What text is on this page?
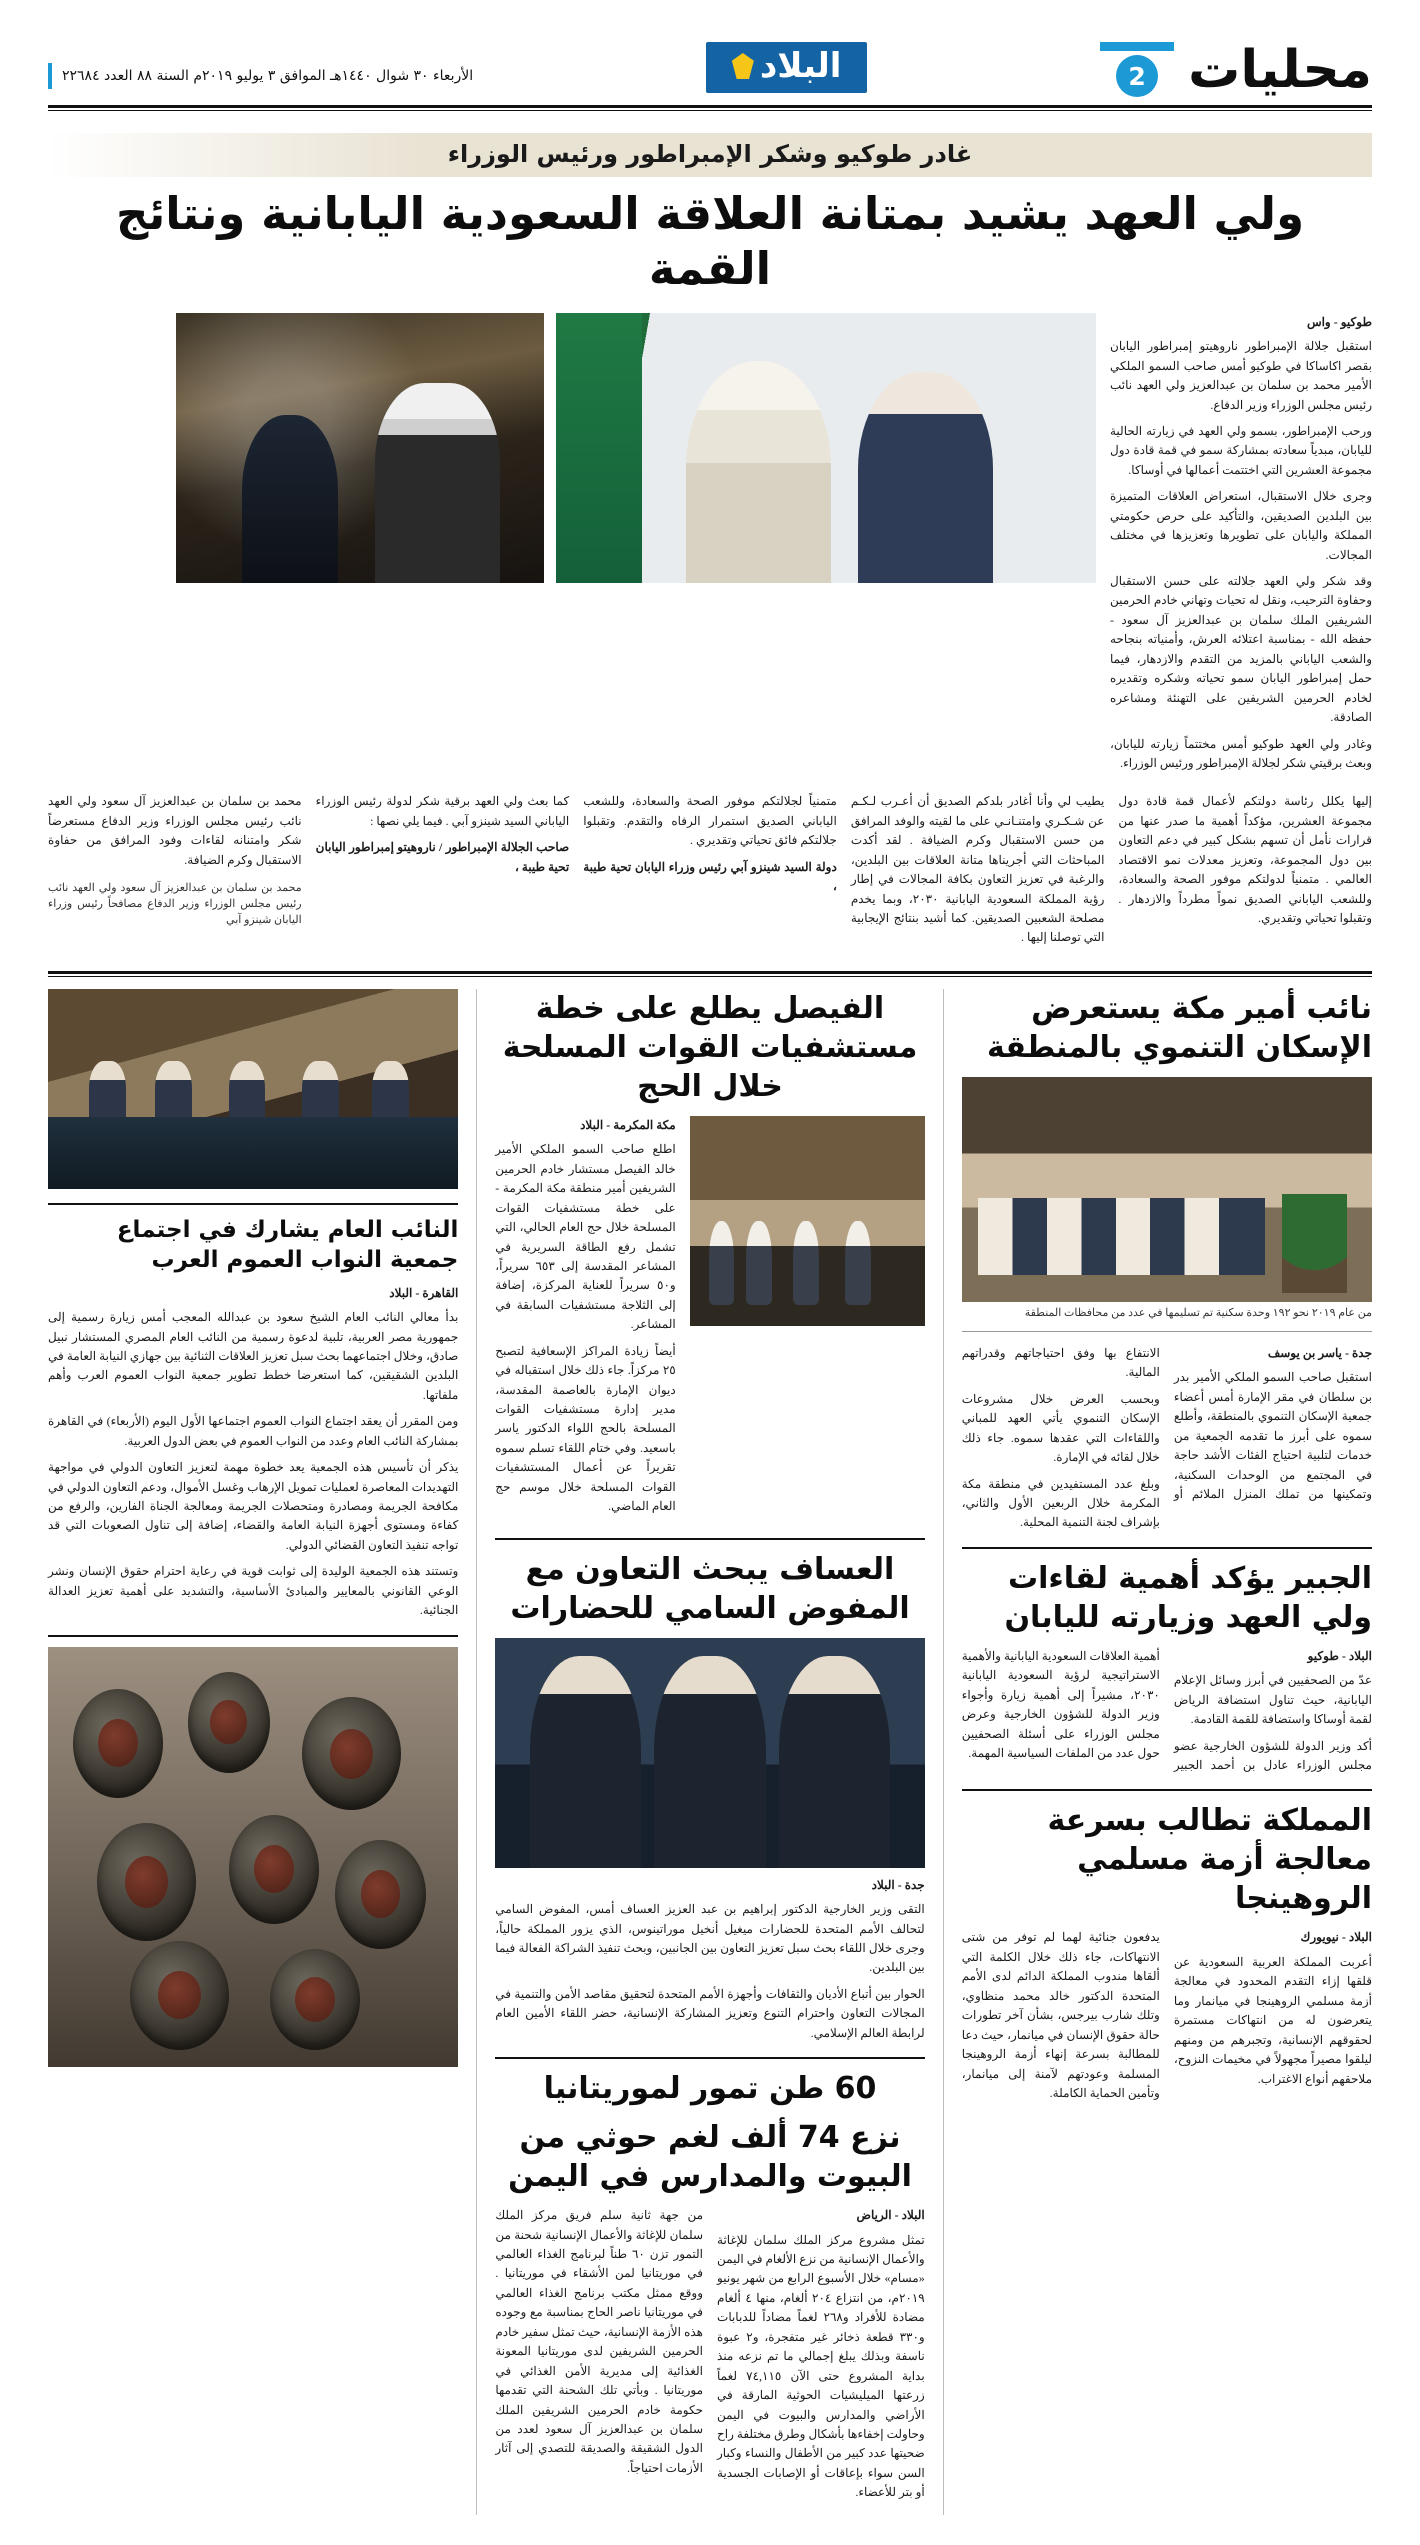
محليات
2
البلاد
الأربعاء ٣٠ شوال ١٤٤٠هـ الموافق ٣ يوليو ٢٠١٩م السنة ٨٨ العدد ٢٢٦٨٤
غادر طوكيو وشكر الإمبراطور ورئيس الوزراء
ولي العهد يشيد بمتانة العلاقة السعودية اليابانية ونتائج القمة
طوكيو - واس

استقبل جلالة الإمبراطور ناروهيتو إمبراطور اليابان بقصر اكاساكا في طوكيو أمس صاحب السمو الملكي الأمير محمد بن سلمان بن عبدالعزيز ولي العهد نائب رئيس مجلس الوزراء وزير الدفاع.

ورحب الإمبراطور، بسمو ولي العهد في زيارته الحالية لليابان، مبدياً سعادته بمشاركة سمو في قمة قادة دول مجموعة العشرين التي اختتمت أعمالها في أوساكا.

وجرى خلال الاستقبال، استعراض العلاقات المتميزة بين البلدين الصديقين، والتأكيد على حرص حكومتي المملكة واليابان على تطويرها وتعزيزها في مختلف المجالات.

وقد شكر ولي العهد جلالته على حسن الاستقبال وحفاوة الترحيب، ونقل له تحيات وتهاني خادم الحرمين الشريفين الملك سلمان بن عبدالعزيز آل سعود - حفظه الله - بمناسبة اعتلائه العرش، وأمنياته بنجاحه والشعب الياباني بالمزيد من التقدم والازدهار، فيما حمل إمبراطور اليابان سمو تحياته وشكره وتقديره لخادم الحرمين الشريفين على التهنئة ومشاعره الصادقة.

وغادر ولي العهد طوكيو أمس مختتماً زيارته لليابان، وبعث برقيتي شكر لجلالة الإمبراطور ورئيس الوزراء.

إليها يكلل رئاسة دولتكم لأعمال قمة قادة دول مجموعة العشرين، مؤكداً أهمية ما صدر عنها من قرارات نأمل أن تسهم بشكل كبير في دعم التعاون بين دول المجموعة، وتعزيز معدلات نمو الاقتصاد العالمي . متمنياً لدولتكم موفور الصحة والسعادة، وللشعب الياباني الصديق نمواً مطرداً والازدهار . وتقبلوا تحياتي وتقديري.

يطيب لي وأنا أغادر بلدكم الصديق أن أعـرب لـكـم عن شـكـري وامتنـانـي على ما لقيته والوفد المرافق من حسن الاستقبال وكرم الضيافة . لقد أكدت المباحثات التي أجريناها متانة العلاقات بين البلدين، والرغبة في تعزيز التعاون بكافة المجالات في إطار رؤية المملكة السعودية اليابانية ٢٠٣٠، وبما يخدم مصلحة الشعبين الصديقين. كما أشيد بنتائج الإيجابية التي توصلنا إليها .

متمنياً لجلالتكم موفور الصحة والسعادة، وللشعب الياباني الصديق استمرار الرفاه والتقدم. وتقبلوا جلالتكم فائق تحياتي وتقديري .

دولة السيد شينزو آبي رئيس وزراء اليابان تحية طيبة ،

كما بعث ولي العهد برقية شكر لدولة رئيس الوزراء الياباني السيد شينزو آبي . فيما يلي نصها :

صاحب الجلالة الإمبراطور / ناروهيتو إمبراطور اليابان تحية طيبة ،

محمد بن سلمان بن عبدالعزيز آل سعود ولي العهد نائب رئيس مجلس الوزراء وزير الدفاع مستعرضاً شكر وامتنانه لقاءات وفود المرافق من حفاوة الاستقبال وكرم الضيافة.

محمد بن سلمان بن عبدالعزيز آل سعود ولي العهد نائب رئيس مجلس الوزراء وزير الدفاع مصافحاً رئيس وزراء اليابان شينزو آبي

نائب أمير مكة يستعرض الإسكان التنموي بالمنطقة
من عام ٢٠١٩ نحو ١٩٢ وحدة سكنية تم تسليمها في عدد من محافظات المنطقة
جدة - ياسر بن يوسف

استقبل صاحب السمو الملكي الأمير بدر بن سلطان في مقر الإمارة أمس أعضاء جمعية الإسكان التنموي بالمنطقة، وأطلع سموه على أبرز ما تقدمه الجمعية من خدمات لتلبية احتياج الفئات الأشد حاجة في المجتمع من الوحدات السكنية، وتمكينها من تملك المنزل الملائم أو الانتفاع بها وفق احتياجاتهم وقدراتهم المالية.

وبحسب العرض خلال مشروعات الإسكان التنموي يأتي العهد للمباني واللقاءات التي عقدها سموه. جاء ذلك خلال لقائه في الإمارة.

وبلغ عدد المستفيدين في منطقة مكة المكرمة خلال الربعين الأول والثاني، بإشراف لجنة التنمية المحلية.

الجبير يؤكد أهمية لقاءات ولي العهد وزيارته لليابان
البلاد - طوكيو

عدّ من الصحفيين في أبرز وسائل الإعلام اليابانية، حيث تناول استضافة الرياض لقمة أوساكا واستضافة للقمة القادمة.

أكد وزير الدولة للشؤون الخارجية عضو مجلس الوزراء عادل بن أحمد الجبير أهمية العلاقات السعودية اليابانية والأهمية الاستراتيجية لرؤية السعودية اليابانية ٢٠٣٠، مشيراً إلى أهمية زيارة وأجواء وزير الدولة للشؤون الخارجية وعرض مجلس الوزراء على أسئلة الصحفيين حول عدد من الملفات السياسية المهمة.

المملكة تطالب بسرعة معالجة أزمة مسلمي الروهينجا
البلاد - نيويورك

أعربت المملكة العربية السعودية عن قلقها إزاء التقدم المحدود في معالجة أزمة مسلمي الروهينجا في ميانمار وما يتعرضون له من انتهاكات مستمرة لحقوقهم الإنسانية، وتجبرهم من ومنهم ليلقوا مصيراً مجهولاً في مخيمات النزوح، ملاحقهم أنواع الاغتراب.

يدفعون جنائية لهما لم توفر من شتى الانتهاكات، جاء ذلك خلال الكلمة التي ألقاها مندوب المملكة الدائم لدى الأمم المتحدة الدكتور خالد محمد منظاوي، وتلك شارب بيرجس، بشأن آخر تطورات حالة حقوق الإنسان في ميانمار، حيث دعا للمطالبة بسرعة إنهاء أزمة الروهينجا المسلمة وعودتهم لآمنة إلى ميانمار، وتأمين الحماية الكاملة.

الفيصل يطلع على خطة مستشفيات القوات المسلحة خلال الحج
مكة المكرمة - البلاد

اطلع صاحب السمو الملكي الأمير خالد الفيصل مستشار خادم الحرمين الشريفين أمير منطقة مكة المكرمة - على خطة مستشفيات القوات المسلحة خلال حج العام الحالي، التي تشمل رفع الطاقة السريرية في المشاعر المقدسة إلى ٦٥٣ سريراً، و٥٠ سريراً للعناية المركزة، إضافة إلى الثلاجة مستشفيات السابقة في المشاعر.

أيضاً زيادة المراكز الإسعافية لتصبح ٢٥ مركزاً. جاء ذلك خلال استقباله في ديوان الإمارة بالعاصمة المقدسة، مدير إدارة مستشفيات القوات المسلحة بالحج اللواء الدكتور ياسر باسعيد. وفي ختام اللقاء تسلم سموه تقريراً عن أعمال المستشفيات القوات المسلحة خلال موسم حج العام الماضي.

العساف يبحث التعاون مع المفوض السامي للحضارات
جدة - البلاد

التقى وزير الخارجية الدكتور إبراهيم بن عبد العزيز العساف أمس، المفوض السامي لتحالف الأمم المتحدة للحضارات ميغيل أنخيل موراتينوس، الذي يزور المملكة حالياً، وجرى خلال اللقاء بحث سبل تعزيز التعاون بين الجانبين، وبحث تنفيذ الشراكة الفعالة فيما بين البلدين.

الحوار بين أتباع الأديان والثقافات وأجهزة الأمم المتحدة لتحقيق مقاصد الأمن والتنمية في المجالات التعاون واحترام التنوع وتعزيز المشاركة الإنسانية، حضر اللقاء الأمين العام لرابطة العالم الإسلامي.

60 طن تمور لموريتانيا
نزع 74 ألف لغم حوثي من البيوت والمدارس في اليمن
البلاد - الرياض

تمثل مشروع مركز الملك سلمان للإغاثة والأعمال الإنسانية من نزع الألغام في اليمن «مسام» خلال الأسبوع الرابع من شهر يونيو ٢٠١٩م، من انتزاع ٢٠٤ ألغام، منها ٤ ألغام مضادة للأفراد و٢٦٨ لغماً مضاداً للدبابات و٣٣٠ قطعة ذخائر غير متفجرة، و٢ عبوة ناسفة وبذلك يبلغ إجمالي ما تم نزعه منذ بداية المشروع حتى الآن ٧٤,١١٥ لغماً زرعتها الميليشيات الحوثية المارقة في الأراضي والمدارس والبيوت في اليمن وحاولت إخفاءها بأشكال وطرق مختلفة راح ضحيتها عدد كبير من الأطفال والنساء وكبار السن سواء بإعاقات أو الإصابات الجسدية أو بتر للأعضاء.

من جهة ثانية سلم فريق مركز الملك سلمان للإغاثة والأعمال الإنسانية شحنة من التمور تزن ٦٠ طناً لبرنامج الغذاء العالمي في موريتانيا لمن الأشقاء في موريتانيا . ووقع ممثل مكتب برنامج الغذاء العالمي في موريتانيا ناصر الحاج بمناسبة مع وجوده هذه الأزمة الإنسانية، حيث تمثل سفير خادم الحرمين الشريفين لدى موريتانيا المعونة الغذائية إلى مديرية الأمن الغذائي في موريتانيا . وبأتي تلك الشحنة التي تقدمها حكومة خادم الحرمين الشريفين الملك سلمان بن عبدالعزيز آل سعود لعدد من الدول الشقيقة والصديقة للتصدي إلى آثار الأزمات احتياجاً.

النائب العام يشارك في اجتماع جمعية النواب العموم العرب
القاهرة - البلاد

بدأ معالي النائب العام الشيخ سعود بن عبدالله المعجب أمس زيارة رسمية إلى جمهورية مصر العربية، تلبية لدعوة رسمية من النائب العام المصري المستشار نبيل صادق، وخلال اجتماعهما بحث سبل تعزيز العلاقات الثنائية بين جهازي النيابة العامة في البلدين الشقيقين، كما استعرضا خطط تطوير جمعية النواب العموم العرب وأهم ملفاتها.

ومن المقرر أن يعقد اجتماع النواب العموم اجتماعها الأول اليوم (الأربعاء) في القاهرة بمشاركة النائب العام وعدد من النواب العموم في بعض الدول العربية.

يذكر أن تأسيس هذه الجمعية يعد خطوة مهمة لتعزيز التعاون الدولي في مواجهة التهديدات المعاصرة لعمليات تمويل الإرهاب وغسل الأموال، ودعم التعاون الدولي في مكافحة الجريمة ومصادرة ومتحصلات الجريمة ومعالجة الجناة الفارين، والرفع من كفاءة ومستوى أجهزة النيابة العامة والقضاء، إضافة إلى تناول الصعوبات التي قد تواجه تنفيذ التعاون القضائي الدولي.

وتستند هذه الجمعية الوليدة إلى ثوابت قوية في رعاية احترام حقوق الإنسان ونشر الوعي القانوني بالمعايير والمبادئ الأساسية، والتشديد على أهمية تعزيز العدالة الجنائية.
